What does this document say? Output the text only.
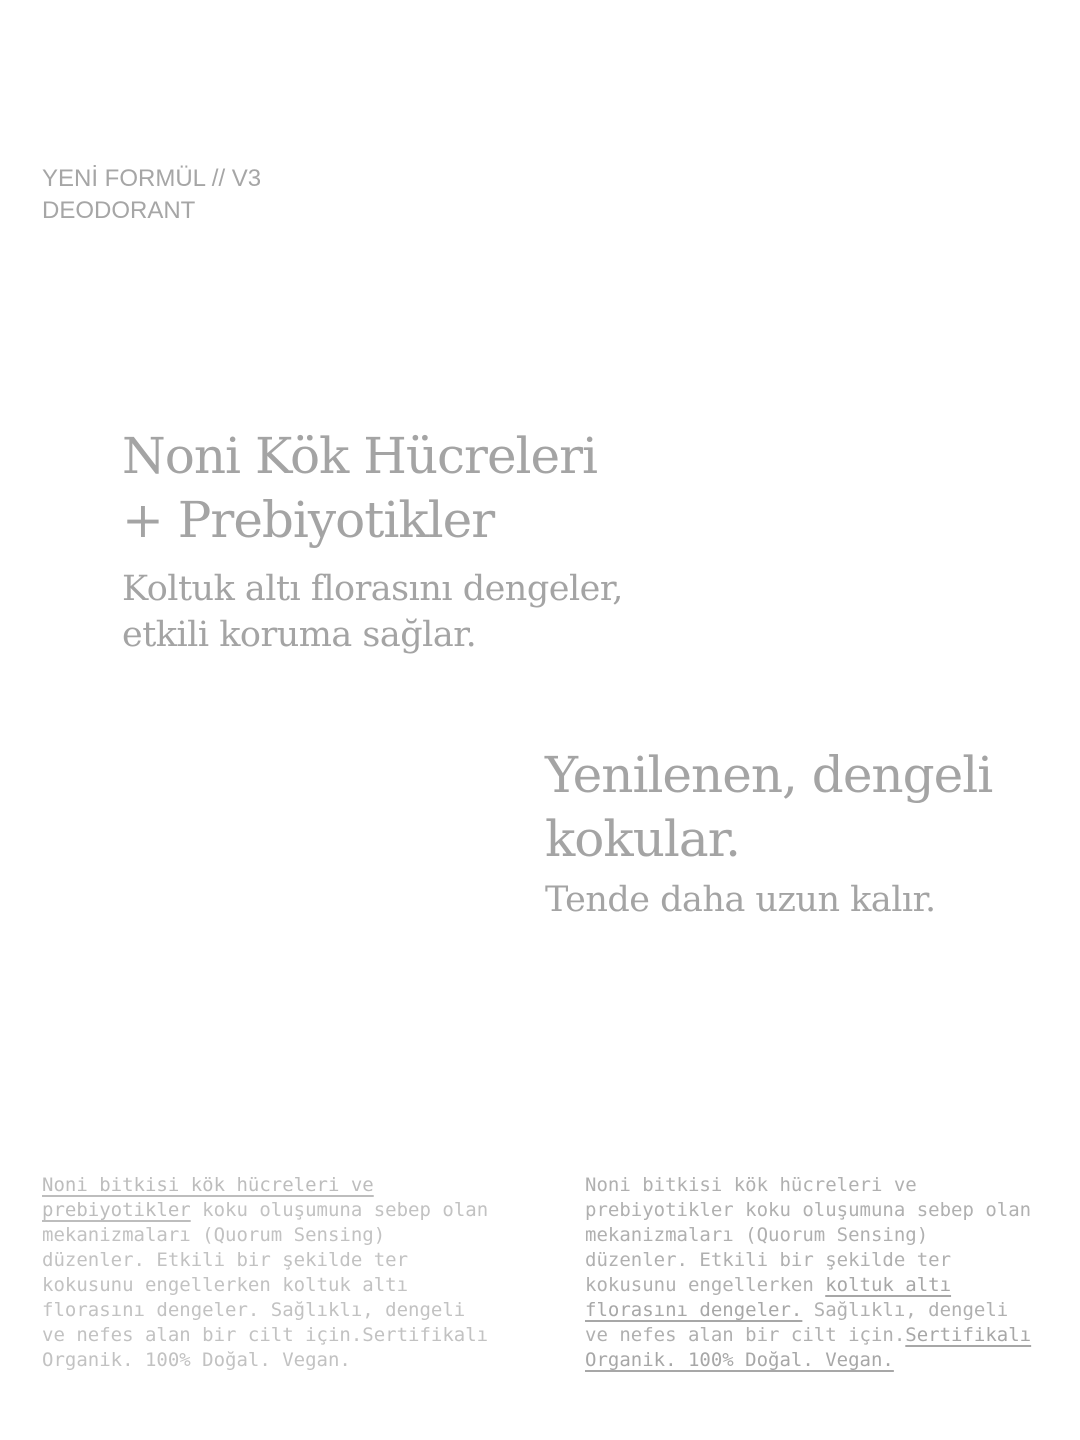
YENİ FORMÜL // V3
DEODORANT
Noni Kök Hücreleri
+ Prebiyotikler
Koltuk altı florasını dengeler,
etkili koruma sağlar.
Yenilenen, dengeli
kokular.
Tende daha uzun kalır.
Noni bitkisi kök hücreleri ve
prebiyotikler koku oluşumuna sebep olan
mekanizmaları (Quorum Sensing)
düzenler. Etkili bir şekilde ter
kokusunu engellerken koltuk altı
florasını dengeler. Sağlıklı, dengeli
ve nefes alan bir cilt için.Sertifikalı
Organik. 100% Doğal. Vegan.
Noni bitkisi kök hücreleri ve
prebiyotikler koku oluşumuna sebep olan
mekanizmaları (Quorum Sensing)
düzenler. Etkili bir şekilde ter
kokusunu engellerken koltuk altı
florasını dengeler. Sağlıklı, dengeli
ve nefes alan bir cilt için.Sertifikalı
Organik. 100% Doğal. Vegan.
